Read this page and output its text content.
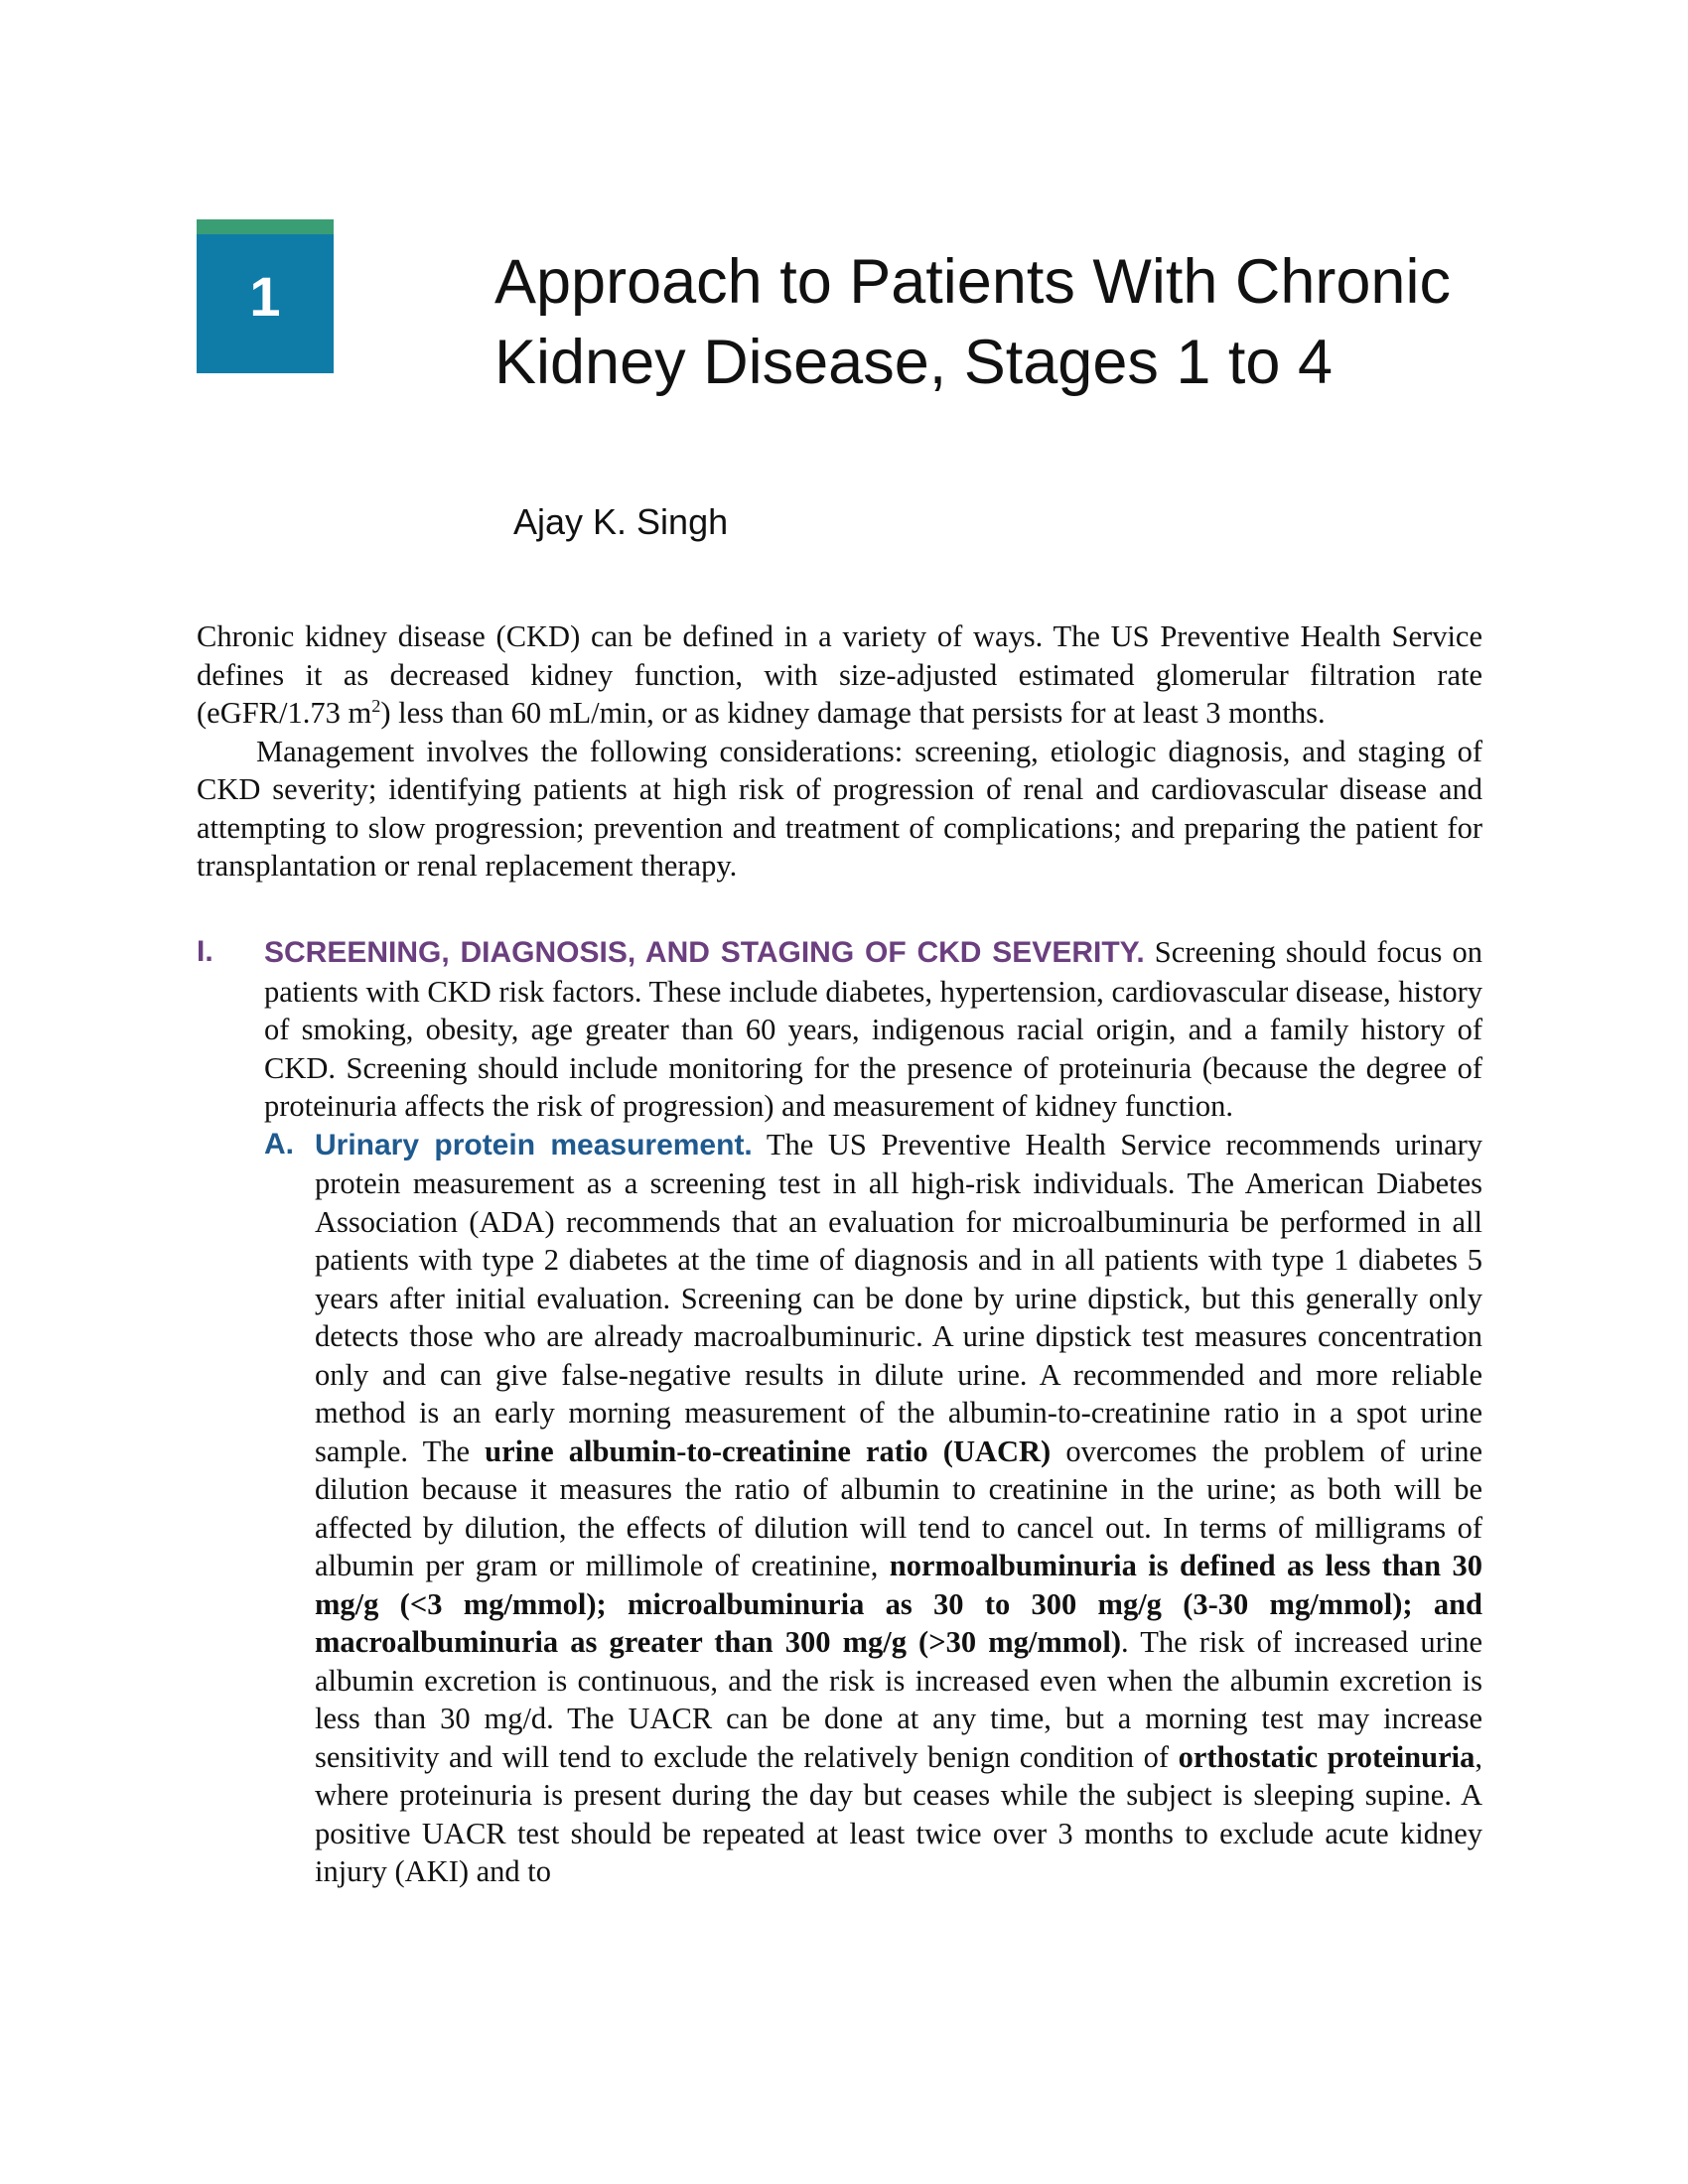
1	Approach to Patients With Chronic Kidney Disease, Stages 1 to 4

Ajay K. Singh

Chronic kidney disease (CKD) can be defined in a variety of ways. The US Preventive Health Service defines it as decreased kidney function, with size-adjusted estimated glomerular filtration rate (eGFR/1.73 $m^2$) less than 60 mL/min, or as kidney damage that persists for at least 3 months.

Management involves the following considerations: screening, etiologic diagnosis, and staging of CKD severity; identifying patients at high risk of progression of renal and cardiovascular disease and attempting to slow progression; prevention and treatment of complications; and preparing the patient for transplantation or renal replacement therapy.

I. SCREENING, DIAGNOSIS, AND STAGING OF CKD SEVERITY. Screening should focus on patients with CKD risk factors. These include diabetes, hypertension, cardiovascular disease, history of smoking, obesity, age greater than 60 years, indigenous racial origin, and a family history of CKD. Screening should include monitoring for the presence of proteinuria (because the degree of proteinuria affects the risk of progression) and measurement of kidney function.

A. Urinary protein measurement. The US Preventive Health Service recommends urinary protein measurement as a screening test in all high-risk individuals. The American Diabetes Association (ADA) recommends that an evaluation for microalbuminuria be performed in all patients with type 2 diabetes at the time of diagnosis and in all patients with type 1 diabetes 5 years after initial evaluation. Screening can be done by urine dipstick, but this generally only detects those who are already macroalbuminuric. A urine dipstick test measures concentration only and can give false-negative results in dilute urine. A recommended and more reliable method is an early morning measurement of the albumin-to-creatinine ratio in a spot urine sample. The urine albumin-to-creatinine ratio (UACR) overcomes the problem of urine dilution because it measures the ratio of albumin to creatinine in the urine; as both will be affected by dilution, the effects of dilution will tend to cancel out. In terms of milligrams of albumin per gram or millimole of creatinine, normoalbuminuria is defined as less than 30 mg/g (<3 mg/mmol); microalbuminuria as 30 to 300 mg/g (3-30 mg/mmol); and macroalbuminuria as greater than 300 mg/g (>30 mg/mmol). The risk of increased urine albumin excretion is continuous, and the risk is increased even when the albumin excretion is less than 30 mg/d. The UACR can be done at any time, but a morning test may increase sensitivity and will tend to exclude the relatively benign condition of orthostatic proteinuria, where proteinuria is present during the day but ceases while the subject is sleeping supine. A positive UACR test should be repeated at least twice over 3 months to exclude acute kidney injury (AKI) and to
